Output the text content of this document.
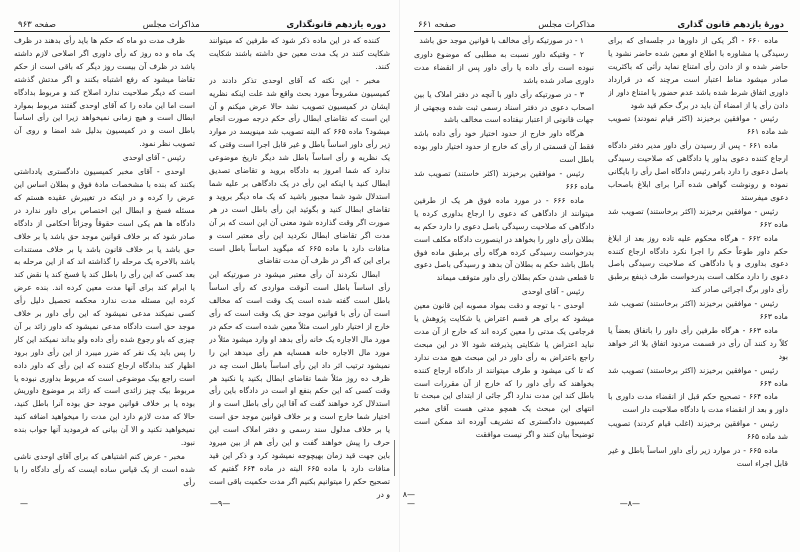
دوره یازدهم قانونگذاری
مذاکرات مجلس
صفحه ۹۶۳

کننده که در این ماده ذکر شود که طرفین که میتوانند شکایت کنند در یک مدت معین حق داشته باشند شکایت کنند.

مخبر - این نکته که آقای اوحدی تذکر دادند در کمیسیون مشروحاً مورد بحث واقع شد علت اینکه نظریه ایشان در کمیسیون تصویب نشد حالا عرض میکنم و آن این است که تقاضای ابطال رأی حکم درجه صورت انجام میشود؟ ماده ۶۶۵ که البته تصویب شد مینویسد در موارد زیر رأی داور اساساً باطل و غیر قابل اجرا است وقتی که یک نظریه و رأی اساساً باطل شد دیگر تاریخ موضوعی ندارد که شما امروز به دادگاه بروید و تقاضای تصدیق ابطال کنید یا اینکه این رأی در یک دادگاهی بر علیه شما استدلال شود شما مجبور باشید که یک ماه دیگر بروید و تقاضای ابطال کنید و بگوئید این رأی باطل است در هر صورت اگر وقت گذارده شود معنی آن این است که بر آن مدت اگر تقاضای ابطال نکردید این رأی معتبر است و منافات دارد با ماده ۶۶۵ که میگوید اساساً باطل است برای این که اگر در ظرف آن مدت تقاضای

ابطال نکردند آن رأی معتبر میشود در صورتیکه این رأی اساساً باطل است آنوقت مواردی که رأی اساساً باطل است گفته شده است یک وقت است که مخالف است آن رأی با قوانین موجد حق یک وقت است که رأی خارج از اختیار داور است مثلاً معین شده است که حکم در مورد مال الاجاره یک خانه رأی بدهد او وارد میشود مثلاً در مورد مال الاجاره خانه همسایه هم رأی میدهد این را نمیشود ترتیب اثر داد این رأی اساساً باطل است چه در ظرف ده روز مثلاً شما تقاضای ابطال بکنید یا نکنید هر وقت کسی که این حکم بنفع او است در دادگاه باین رأی استدلال کرد خواهند گفت که آقا این رأی باطل است و از اختیار شما خارج است و بر خلاف قوانین موجد حق است یا بر خلاف مدلول سند رسمی و دفتر املاک است این حرف را پیش خواهند گفت و این رأی هم از بین میرود باین جهت قید زمان بهیچوجه نمیشود کرد و ذکر این قید منافات دارد با ماده ۶۶۵ البته در ماده ۶۶۴ گفتیم که تصحیح حکم را میتوانیم بکنیم اگر مدت حکمیت باقی است و در

ظرف مدت دو ماه که حکم ها باید رأی بدهند در ظرف یک ماه و ده روز که رأی داوری اگر اصلاحی لازم داشته باشد در ظرف آن بیست روز دیگر که باقی است از حکم تقاضا میشود که رفع اشتباه بکنند و اگر مدتش گذشته است که دیگر صلاحیت ندارد اصلاح کند و مربوط بدادگاه است اما این ماده را که آقای اوحدی گفتند مربوط بموارد ابطال است و هیچ زمانی نمیخواهد زیرا این رأی اساساً باطل است و در کمیسیون بدلیل شد امضا و روی آن تصویب نظر نمود.

رئیس - آقای اوحدی

اوحدی - آقای مخبر کمیسیون دادگستری یادداشتی بکنند که بنده با مشخصات مادۀ فوق و بطلان اساس این عرض را کرده و در اینکه در تغییرش عقیده هستم که مسئله فسخ و ابطال این اختصاص برای داور ندارد در دادگاه ها هم یکی است حقوقاً وجزائاً احکامی از دادگاه صادر شود که بر خلاف قوانین موجد حق باشد یا بر خلاف حق باشد یا بر خلاف قانون باشد یا بر خلاف مستندات باشد بالاخره یک مرحله را گذاشته اند که از این مرحله به بعد کسی که این رأی را باطل کند یا فسخ کند یا نقض کند یا ابرام کند برای آنها مدت معین کرده اند. بنده عرض کرده این مسئله مدت ندارد محکمه تحصیل دلیل رأی کسی نمیکند مدعی نمیشود که این رأی داور بر خلاف موجد حق است دادگاه مدعی نمیشود که داور زائد بر آن چیزی که باو رجوع شده رأی داده ولو بداند نمیکند این کار را پس باید یک نفر که ضرر میبرد از این رأی داور برود اظهار کند بدادگاه ارجاع کننده که این رأی که داور داده است راجع بیک موضوعی است که مربوط بداوری نبوده یا مربوط بیک چیز زائدی است که زائد بر موضوع داوریش بوده یا بر خلاف قوانین موجد حق بوده آنرا باطل کنید، حالا که مدت لازم دارد این مدت را میخواهید اضافه کنید نمیخواهید نکنید و الا آن بیانی که فرمودید آنها جواب بنده نبود.

مخبر - عرض کنم اشتباهی که برای آقای اوحدی ناشی شده است از یک قیاس ساده ایست که رأی دادگاه را با رأی

—۹—
—
دورۀ یازدهم قانون گذاری
مذاکرات مجلس
صفحه ۶۶۱

ماده ۶۶۰ - اگر یکی از داورها در جلسه‌ای که برای رسیدگی یا مشاوره با اطلاع او معین شده حاضر نشود یا حاضر شده و از دادن رأی امتناع نماید رأئی که باکثریت صادر میشود مناط اعتبار است مرچند که در قرارداد داوری اتفاق شرط شده باشد عدم حضور یا امتناع داور از دادن رأی یا از امضاء آن باید در برگ حکم قید شود

رئیس - موافقین برخیزند (اکثر قیام نمودند) تصویب شد ماده ۶۶۱

ماده ۶۶۱ - پس از رسیدن رأی داور مدیر دفتر دادگاه ارجاع کننده دعوی بداور یا دادگاهی که صلاحیت رسیدگی باصل دعوی را دارد بامر رئیس دادگاه اصل رأی را بایگانی نموده و رونوشت گواهی شده آنرا برای ابلاغ باصحاب دعوی میفرستد

رئیس - موافقین برخیزند (اکثر برخاستند) تصویب شد ماده ۶۶۲

ماده ۶۶۲ - هرگاه محکوم علیه تاده روز بعد از ابلاغ حکم داور طوعاً حکم را اجرا نکرد دادگاه ارجاع کننده دعوی بداوری و یا دادگاهی که صلاحیت رسیدگی باصل دعوی را دارد مکلف است بدرخواست طرف ذینفع برطبق رأی داور برگ اجرائی صادر کند

رئیس - موافقین برخیزند (اکثر برخاستند) تصویب شد ماده ۶۶۳

ماده ۶۶۳ - هرگاه طرفین رأی داور را باتفاق بعضاً یا کلاً رد کنند آن رأی در قسمت مردود اتفاق بلا اثر خواهد بود

رئیس - موافقین برخیزند (اکثر برخاستند) تصویب شد ماده ۶۶۴

ماده ۶۶۴ - تصحیح حکم قبل از انقضاء مدت داوری با داور و بعد از انقضاء مدت با دادگاه صلاحیت دار است

رئیس - موافقین برخیزند (اغلب قیام کردند) تصویب شد ماده ۶۶۵

ماده ۶۶۵ - در موارد زیر رأی داور اساساً باطل و غیر قابل اجراء است

۱ - در صورتیکه رأی مخالف با قوانین موجد حق باشد

۲ - وقتیکه داور نسبت به مطلبی که موضوع داوری نبوده است رأی داده یا رأی داور پس از انقضاء مدت داوری صادر شده باشد

۳ - در صورتیکه رأی داور با آنچه در دفتر املاک یا بین اصحاب دعوی در دفتر اسناد رسمی ثبت شده وبجهتی از جهات قانونی از اعتبار نیفتاده است مخالف باشد

هرگاه داور خارج از حدود اختیار خود رأی داده باشد فقط آن قسمتی از رأی که خارج از حدود اختیار داور بوده باطل است

رئیس - موافقین برخیزند (اکثر خاستند) تصویب شد ماده ۶۶۶

ماده ۶۶۶ - در مورد ماده فوق هر یک از طرفین میتوانند از دادگاهی که دعوی را ارجاع بداوری کرده یا دادگاهی که صلاحیت رسیدگی باصل دعوی را دارد حکم به بطلان رأی داور را بخواهد در اینصورت دادگاه مکلف است بدرخواست رسیدگی کرده هرگاه رأی برطبق ماده فوق باطل باشد حکم به بطلان آن بدهد و رسیدگی باصل دعوی تا قطعی شدن حکم بطلان رأی داور متوقف میماند

رئیس - آقای اوحدی

اوحدی - با توجه و دقت بمواد مصوبه این قانون معین میشود که برای هر قسم اعتراض یا شکایت پژوهش یا فرجامی یک مدتی را معین کرده اند که خارج از آن مدت نباید اعتراض یا شکایتی پذیرفته شود الا در این مبحث راجع باعتراض به رأی داور در این مبحث هیچ مدت ندارد که تا کی میشود و طرف میتوانند از دادگاه ارجاع کننده بخواهند که رأی داور را که خارج از آن مقررات است باطل کند این مدت ندارد اگر جائی از ابتدای این مبحث تا انتهای این مبحث یک همچو مدتی هست آقای مخبر کمیسیون دادگستری که تشریف آورده اند ممکن است توضیحاً بیان کنند و اگر نیست موافقت

—۸—	—۸—
